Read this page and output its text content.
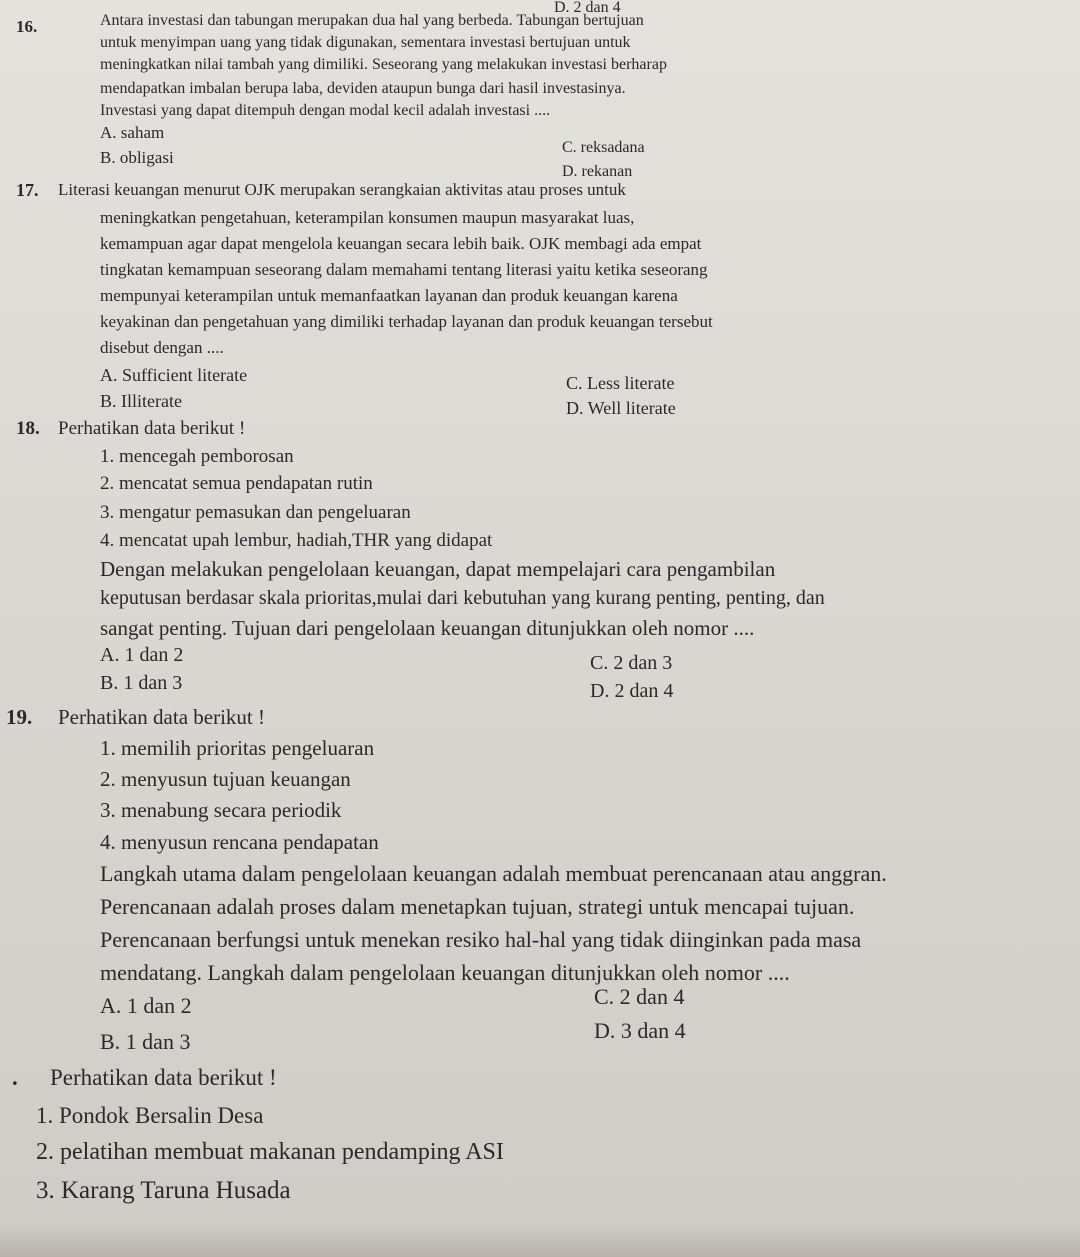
D. 2 dan 4
16.	Antara investasi dan tabungan merupakan dua hal yang berbeda. Tabungan bertujuan
untuk menyimpan uang yang tidak digunakan, sementara investasi bertujuan untuk
meningkatkan nilai tambah yang dimiliki. Seseorang yang melakukan investasi berharap
mendapatkan imbalan berupa laba, deviden ataupun bunga dari hasil investasinya.
Investasi yang dapat ditempuh dengan modal kecil adalah investasi ....
A. saham
B. obligasi
C. reksadana
D. rekanan
17. Literasi keuangan menurut OJK merupakan serangkaian aktivitas atau proses untuk
meningkatkan pengetahuan, keterampilan konsumen maupun masyarakat luas,
kemampuan agar dapat mengelola keuangan secara lebih baik. OJK membagi ada empat
tingkatan kemampuan seseorang dalam memahami tentang literasi yaitu ketika seseorang
mempunyai keterampilan untuk memanfaatkan layanan dan produk keuangan karena
keyakinan dan pengetahuan yang dimiliki terhadap layanan dan produk keuangan tersebut
disebut dengan ....
A. Sufficient literate
B. Illiterate
C. Less literate
D. Well literate
18. Perhatikan data berikut !
1. mencegah pemborosan
2. mencatat semua pendapatan rutin
3. mengatur pemasukan dan pengeluaran
4. mencatat upah lembur, hadiah,THR yang didapat
Dengan melakukan pengelolaan keuangan, dapat mempelajari cara pengambilan
keputusan berdasar skala prioritas,mulai dari kebutuhan yang kurang penting, penting, dan
sangat penting. Tujuan dari pengelolaan keuangan ditunjukkan oleh nomor ....
A. 1 dan 2
B. 1 dan 3
C. 2 dan 3
D. 2 dan 4
19. Perhatikan data berikut !
1. memilih prioritas pengeluaran
2. menyusun tujuan keuangan
3. menabung secara periodik
4. menyusun rencana pendapatan
Langkah utama dalam pengelolaan keuangan adalah membuat perencanaan atau anggran.
Perencanaan adalah proses dalam menetapkan tujuan, strategi untuk mencapai tujuan.
Perencanaan berfungsi untuk menekan resiko hal-hal yang tidak diinginkan pada masa
mendatang. Langkah dalam pengelolaan keuangan ditunjukkan oleh nomor ....
A. 1 dan 2
B. 1 dan 3
C. 2 dan 4
D. 3 dan 4
. Perhatikan data berikut !
1. Pondok Bersalin Desa
2. pelatihan membuat makanan pendamping ASI
3. Karang Taruna Husada
